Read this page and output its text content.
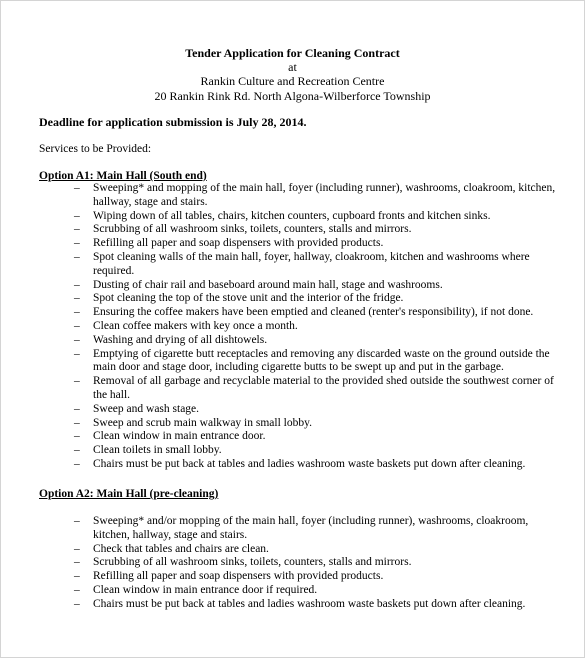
Tender Application for Cleaning Contract
at
Rankin Culture and Recreation Centre
20 Rankin Rink Rd. North Algona-Wilberforce Township
Deadline for application submission is July 28, 2014.
Services to be Provided:
Option A1: Main Hall (South end)
– Sweeping* and mopping of the main hall, foyer (including runner), washrooms, cloakroom, kitchen, hallway, stage and stairs.
– Wiping down of all tables, chairs, kitchen counters, cupboard fronts and kitchen sinks.
– Scrubbing of all washroom sinks, toilets, counters, stalls and mirrors.
– Refilling all paper and soap dispensers with provided products.
– Spot cleaning walls of the main hall, foyer, hallway, cloakroom, kitchen and washrooms where required.
– Dusting of chair rail and baseboard around main hall, stage and washrooms.
– Spot cleaning the top of the stove unit and the interior of the fridge.
– Ensuring the coffee makers have been emptied and cleaned (renter's responsibility), if not done.
– Clean coffee makers with key once a month.
– Washing and drying of all dishtowels.
– Emptying of cigarette butt receptacles and removing any discarded waste on the ground outside the main door and stage door, including cigarette butts to be swept up and put in the garbage.
– Removal of all garbage and recyclable material to the provided shed outside the southwest corner of the hall.
– Sweep and wash stage.
– Sweep and scrub main walkway in small lobby.
– Clean window in main entrance door.
– Clean toilets in small lobby.
– Chairs must be put back at tables and ladies washroom waste baskets put down after cleaning.
Option A2: Main Hall (pre-cleaning)
– Sweeping* and/or mopping of the main hall, foyer (including runner), washrooms, cloakroom, kitchen, hallway, stage and stairs.
– Check that tables and chairs are clean.
– Scrubbing of all washroom sinks, toilets, counters, stalls and mirrors.
– Refilling all paper and soap dispensers with provided products.
– Clean window in main entrance door if required.
– Chairs must be put back at tables and ladies washroom waste baskets put down after cleaning.
